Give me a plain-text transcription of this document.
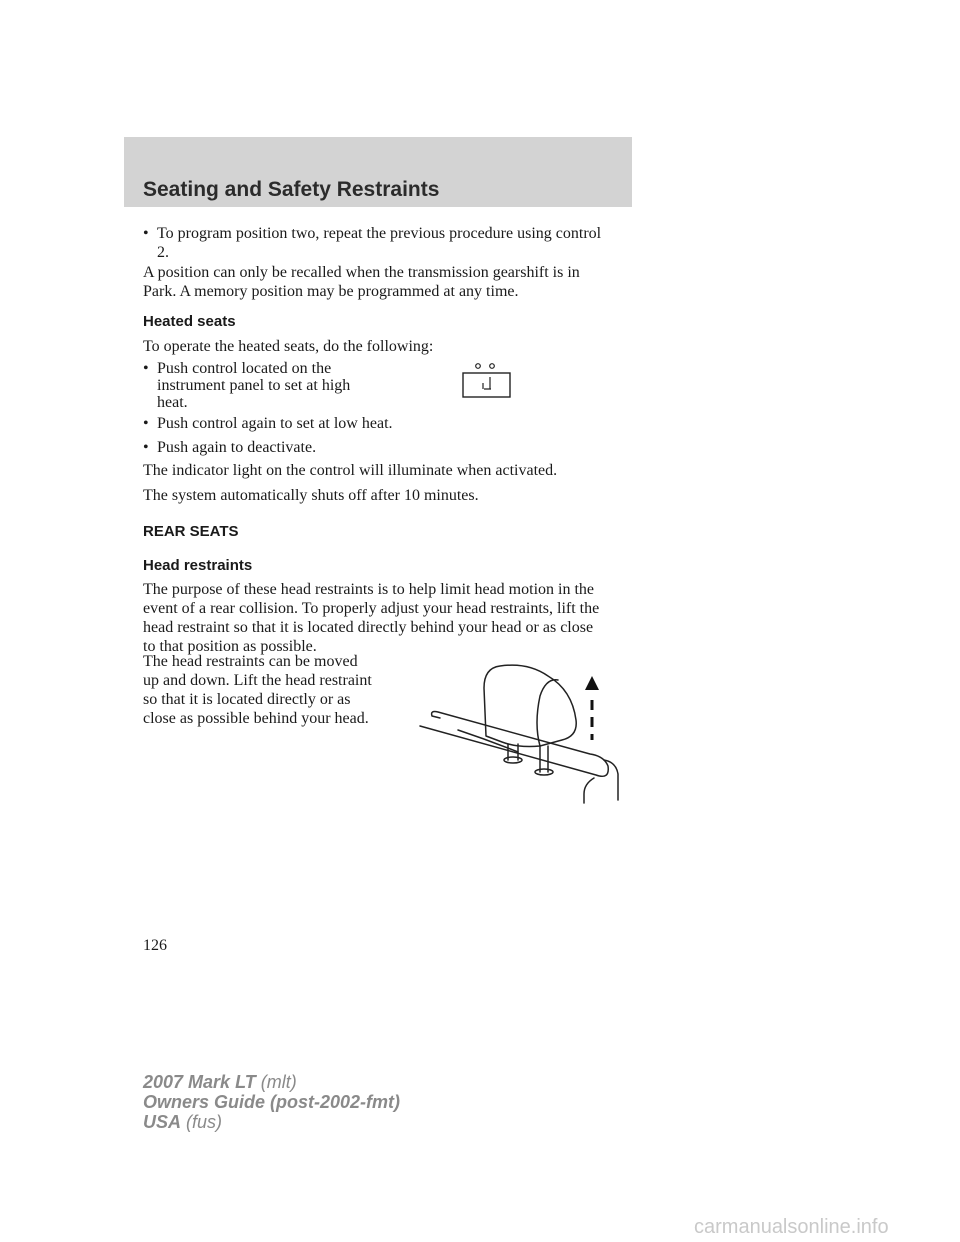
Seating and Safety Restraints
• To program position two, repeat the previous procedure using control
2.

A position can only be recalled when the transmission gearshift is in
Park. A memory position may be programmed at any time.

Heated seats

To operate the heated seats, do the following:

• Push control located on the
instrument panel to set at high
heat.
• Push control again to set at low heat.
• Push again to deactivate.

The indicator light on the control will illuminate when activated.

The system automatically shuts off after 10 minutes.

REAR SEATS

Head restraints

The purpose of these head restraints is to help limit head motion in the
event of a rear collision. To properly adjust your head restraints, lift the
head restraint so that it is located directly behind your head or as close
to that position as possible.

The head restraints can be moved
up and down. Lift the head restraint
so that it is located directly or as
close as possible behind your head.

126

2007 Mark LT (mlt)
Owners Guide (post-2002-fmt)
USA (fus)
carmanualsonline.info
